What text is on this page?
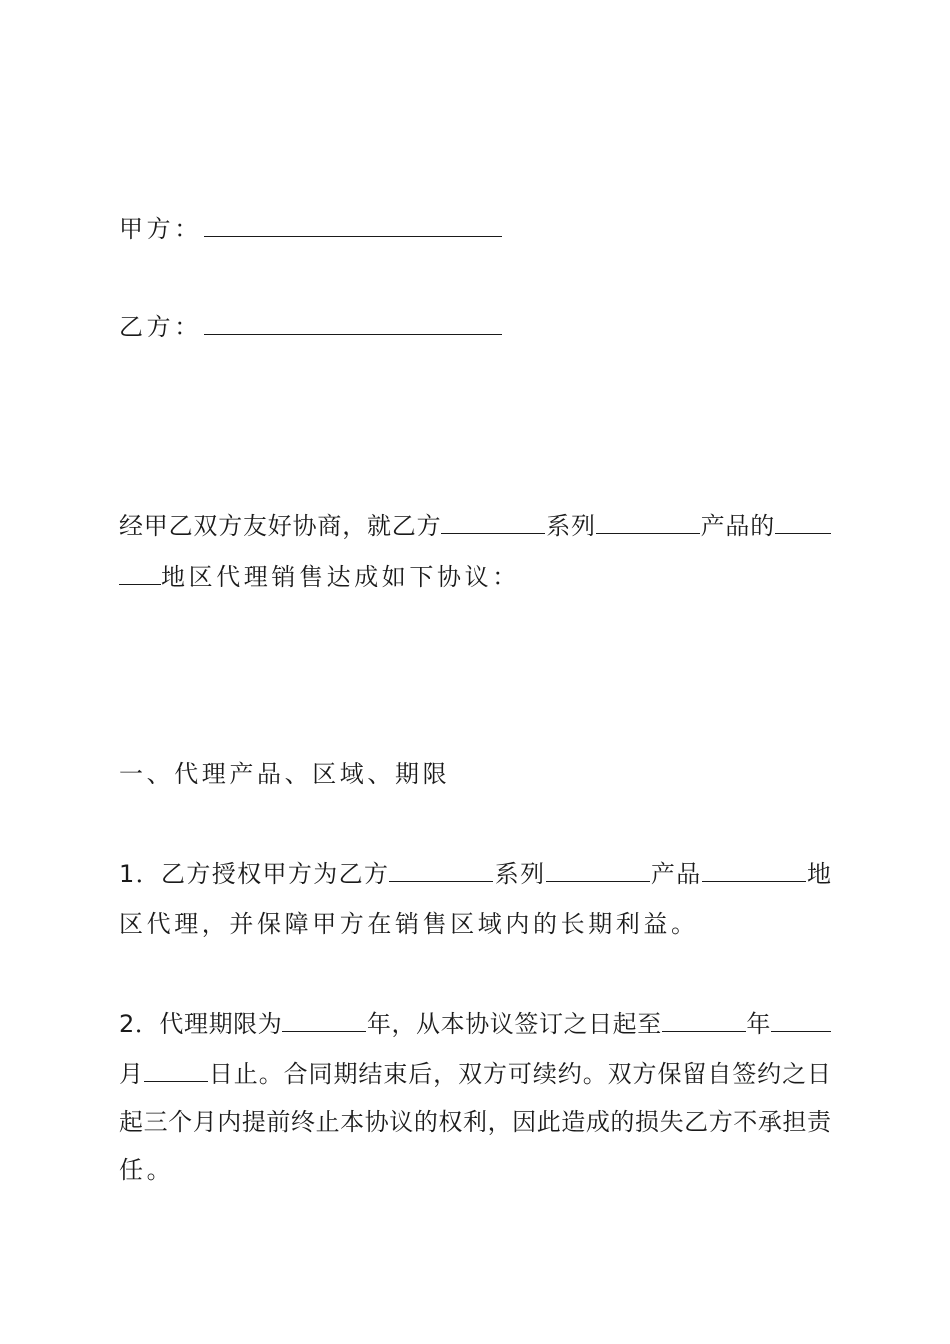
甲方：
乙方：
经甲乙双方友好协商，就乙方	系列	产品的
地区代理销售达成如下协议：
一、代理产品、区域、期限
1．乙方授权甲方为乙方	系列	产品	地
区代理，并保障甲方在销售区域内的长期利益。
2．代理期限为	年，从本协议签订之日起至	年
月	日止。合同期结束后，双方可续约。双方保留自签约之日
起三个月内提前终止本协议的权利，因此造成的损失乙方不承担责
任。
